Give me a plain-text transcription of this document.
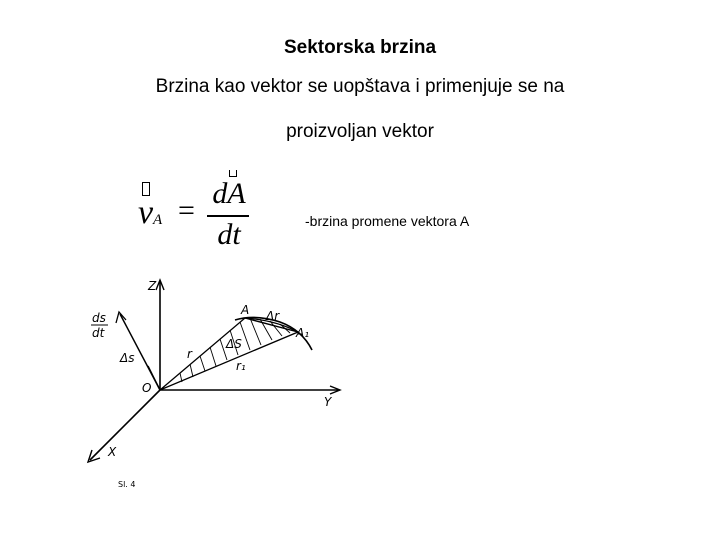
Sektorska brzina
Brzina kao vektor se uopštava i primenjuje se na
proizvoljan vektor
v A =
dA
dt	-brzina promene vektora A
Z
Y
X
O
A
A₁
Δr
r
r₁
ΔS
Δs
ds
dt
Sl. 4
